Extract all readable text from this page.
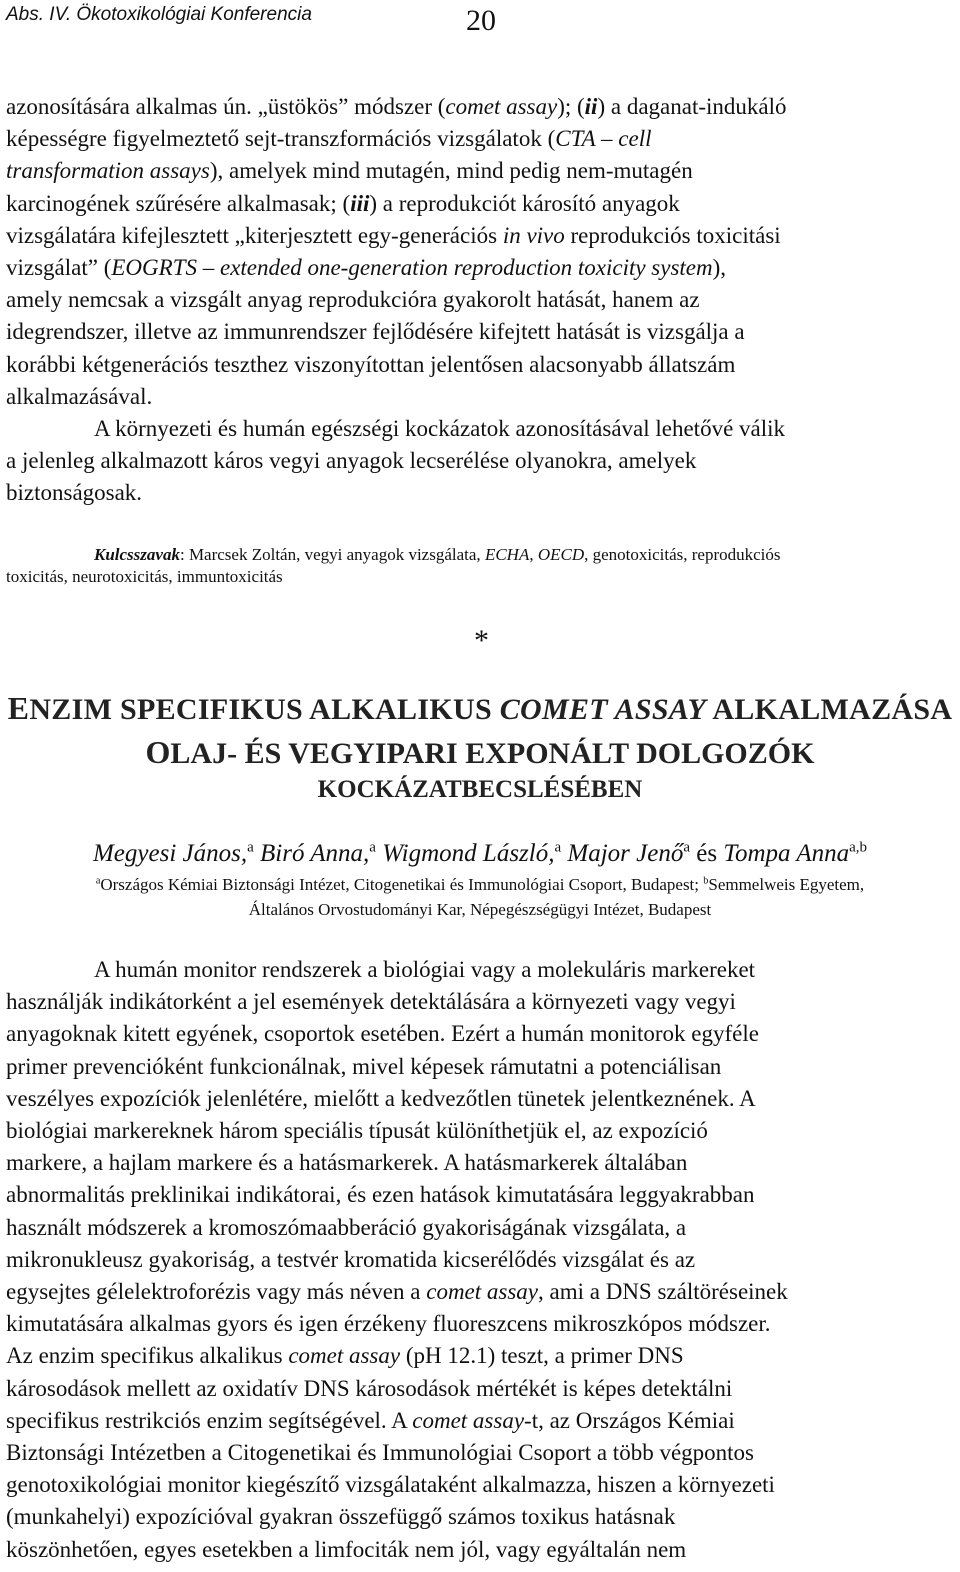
Abs. IV. Ökotoxikológiai Konferencia	20
azonosítására alkalmas ún. „üstökös” módszer (comet assay); (ii) a daganat-indukáló
képességre figyelmeztető sejt-transzformációs vizsgálatok (CTA – cell
transformation assays), amelyek mind mutagén, mind pedig nem-mutagén
karcinogének szűrésére alkalmasak; (iii) a reprodukciót károsító anyagok
vizsgálatára kifejlesztett „kiterjesztett egy-generációs in vivo reprodukciós toxicitási
vizsgálat” (EOGRTS – extended one-generation reproduction toxicity system),
amely nemcsak a vizsgált anyag reprodukcióra gyakorolt hatását, hanem az
idegrendszer, illetve az immunrendszer fejlődésére kifejtett hatását is vizsgálja a
korábbi kétgenerációs teszthez viszonyítottan jelentősen alacsonyabb állatszám
alkalmazásával.
A környezeti és humán egészségi kockázatok azonosításával lehetővé válik
a jelenleg alkalmazott káros vegyi anyagok lecserélése olyanokra, amelyek
biztonságosak.
Kulcsszavak: Marcsek Zoltán, vegyi anyagok vizsgálata, ECHA, OECD, genotoxicitás, reprodukciós
toxicitás, neurotoxicitás, immuntoxicitás
*
ENZIM SPECIFIKUS ALKALIKUS COMET ASSAY ALKALMAZÁSA
OLAJ- ÉS VEGYIPARI EXPONÁLT DOLGOZÓK
KOCKÁZATBECSLÉSÉBEN
Megyesi János,$^a$ Biró Anna,$^a$ Wigmond László,$^a$ Major Jenő$^a$ és Tompa Anna$^{a,b}$
$^a$Országos Kémiai Biztonsági Intézet, Citogenetikai és Immunológiai Csoport, Budapest; $^b$Semmelweis Egyetem,
Általános Orvostudományi Kar, Népegészségügyi Intézet, Budapest
A humán monitor rendszerek a biológiai vagy a molekuláris markereket
használják indikátorként a jel események detektálására a környezeti vagy vegyi
anyagoknak kitett egyének, csoportok esetében. Ezért a humán monitorok egyféle
primer prevencióként funkcionálnak, mivel képesek rámutatni a potenciálisan
veszélyes expozíciók jelenlétére, mielőtt a kedvezőtlen tünetek jelentkeznének. A
biológiai markereknek három speciális típusát különíthetjük el, az expozíció
markere, a hajlam markere és a hatásmarkerek. A hatásmarkerek általában
abnormalitás preklinikai indikátorai, és ezen hatások kimutatására leggyakrabban
használt módszerek a kromoszómaabberáció gyakoriságának vizsgálata, a
mikronukleusz gyakoriság, a testvér kromatida kicserélődés vizsgálat és az
egysejtes gélelektroforézis vagy más néven a comet assay, ami a DNS száltöréseinek
kimutatására alkalmas gyors és igen érzékeny fluoreszcens mikroszkópos módszer.
Az enzim specifikus alkalikus comet assay (pH 12.1) teszt, a primer DNS
károsodások mellett az oxidatív DNS károsodások mértékét is képes detektálni
specifikus restrikciós enzim segítségével. A comet assay-t, az Országos Kémiai
Biztonsági Intézetben a Citogenetikai és Immunológiai Csoport a több végpontos
genotoxikológiai monitor kiegészítő vizsgálataként alkalmazza, hiszen a környezeti
(munkahelyi) expozícióval gyakran összefüggő számos toxikus hatásnak
köszönhetően, egyes esetekben a limfociták nem jól, vagy egyáltalán nem
